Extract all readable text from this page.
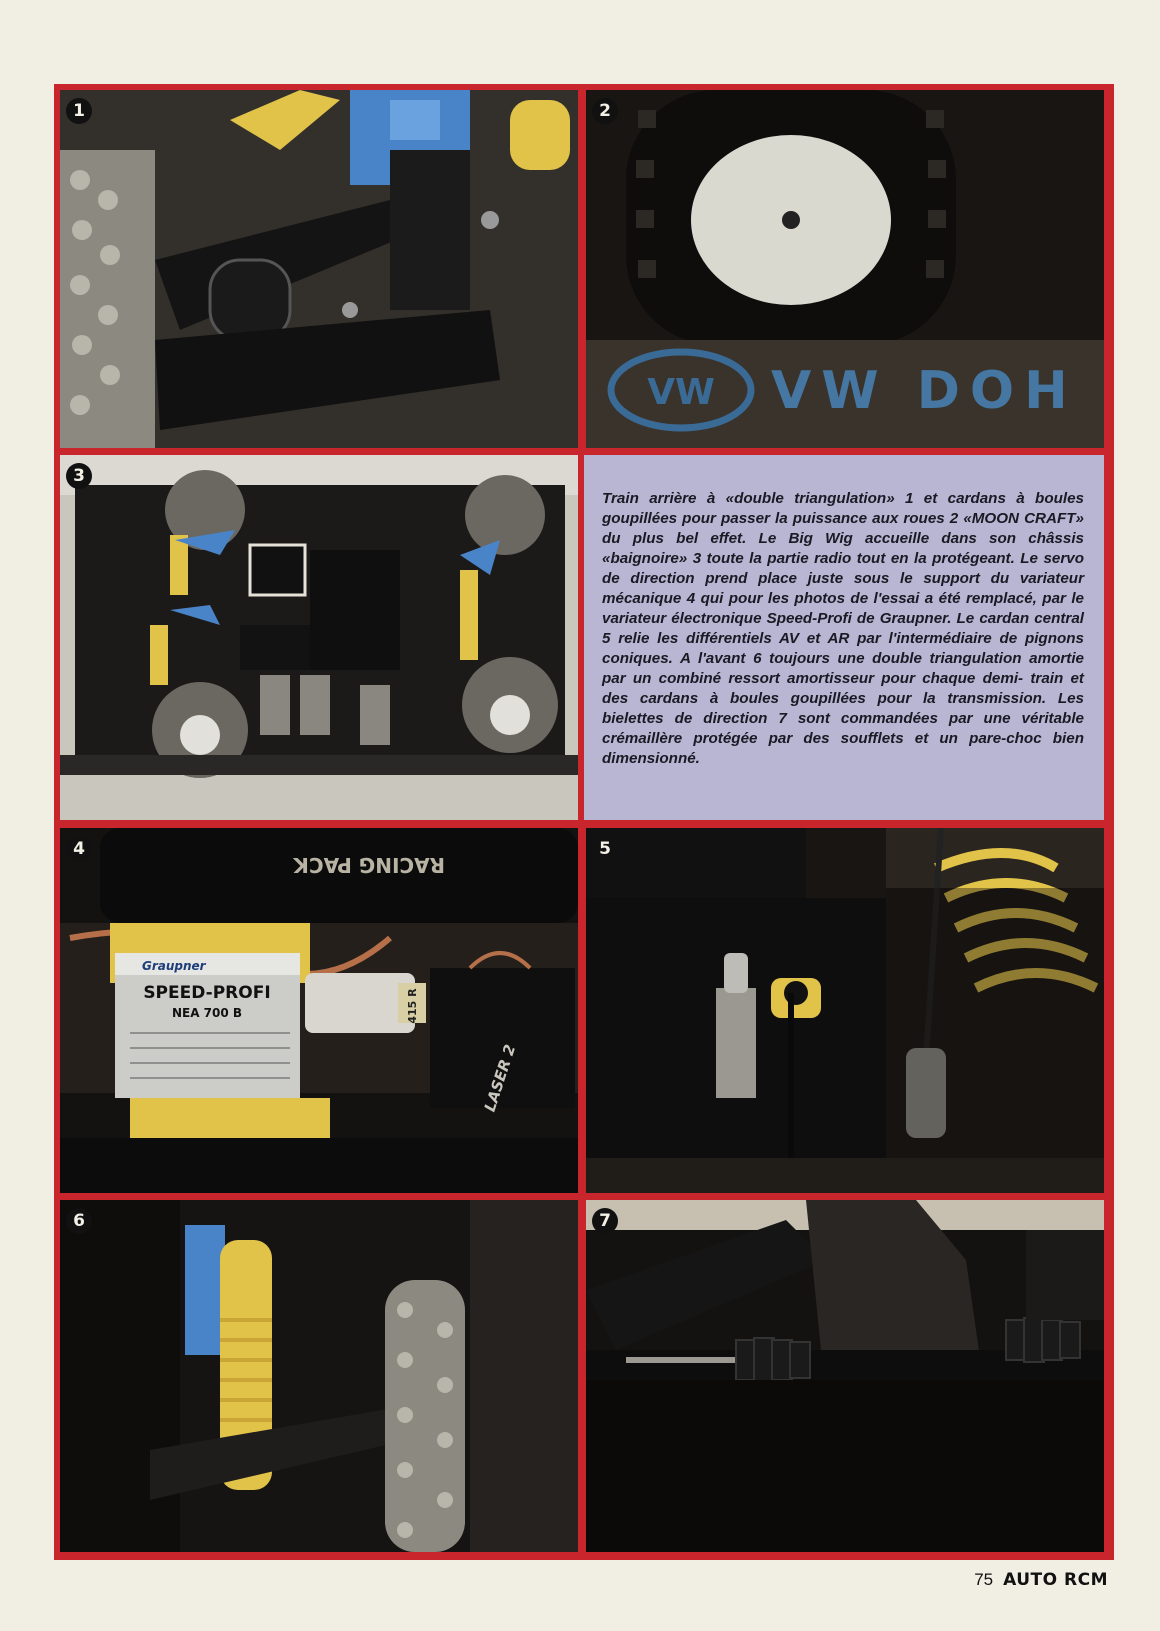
1
VW VW DOH
2
3

Train arrière à «double triangulation» 1 et cardans à boules goupillées pour passer la puissance aux roues 2 «MOON CRAFT» du plus bel effet. Le Big Wig accueille dans son châssis «baignoire» 3 toute la partie radio tout en la protégeant. Le servo de direction prend place juste sous le support du variateur mécanique 4 qui pour les photos de l'essai a été remplacé, par le variateur électronique Speed-Profi de Graupner. Le cardan central 5 relie les différentiels AV et AR par l'intermédiaire de pignons coniques. A l'avant 6 toujours une double triangulation amortie par un combiné ressort amortisseur pour chaque demi- train et des cardans à boules goupillées pour la transmission. Les bielettes de direction 7 sont commandées par une véritable crémaillère protégée par des soufflets et un pare-choc bien dimensionné.

RACING PACK
Graupner
SPEED-PROFI
NEA 700 B	415 R
LASER 2
4	5
6	7
75 AUTO RCM
